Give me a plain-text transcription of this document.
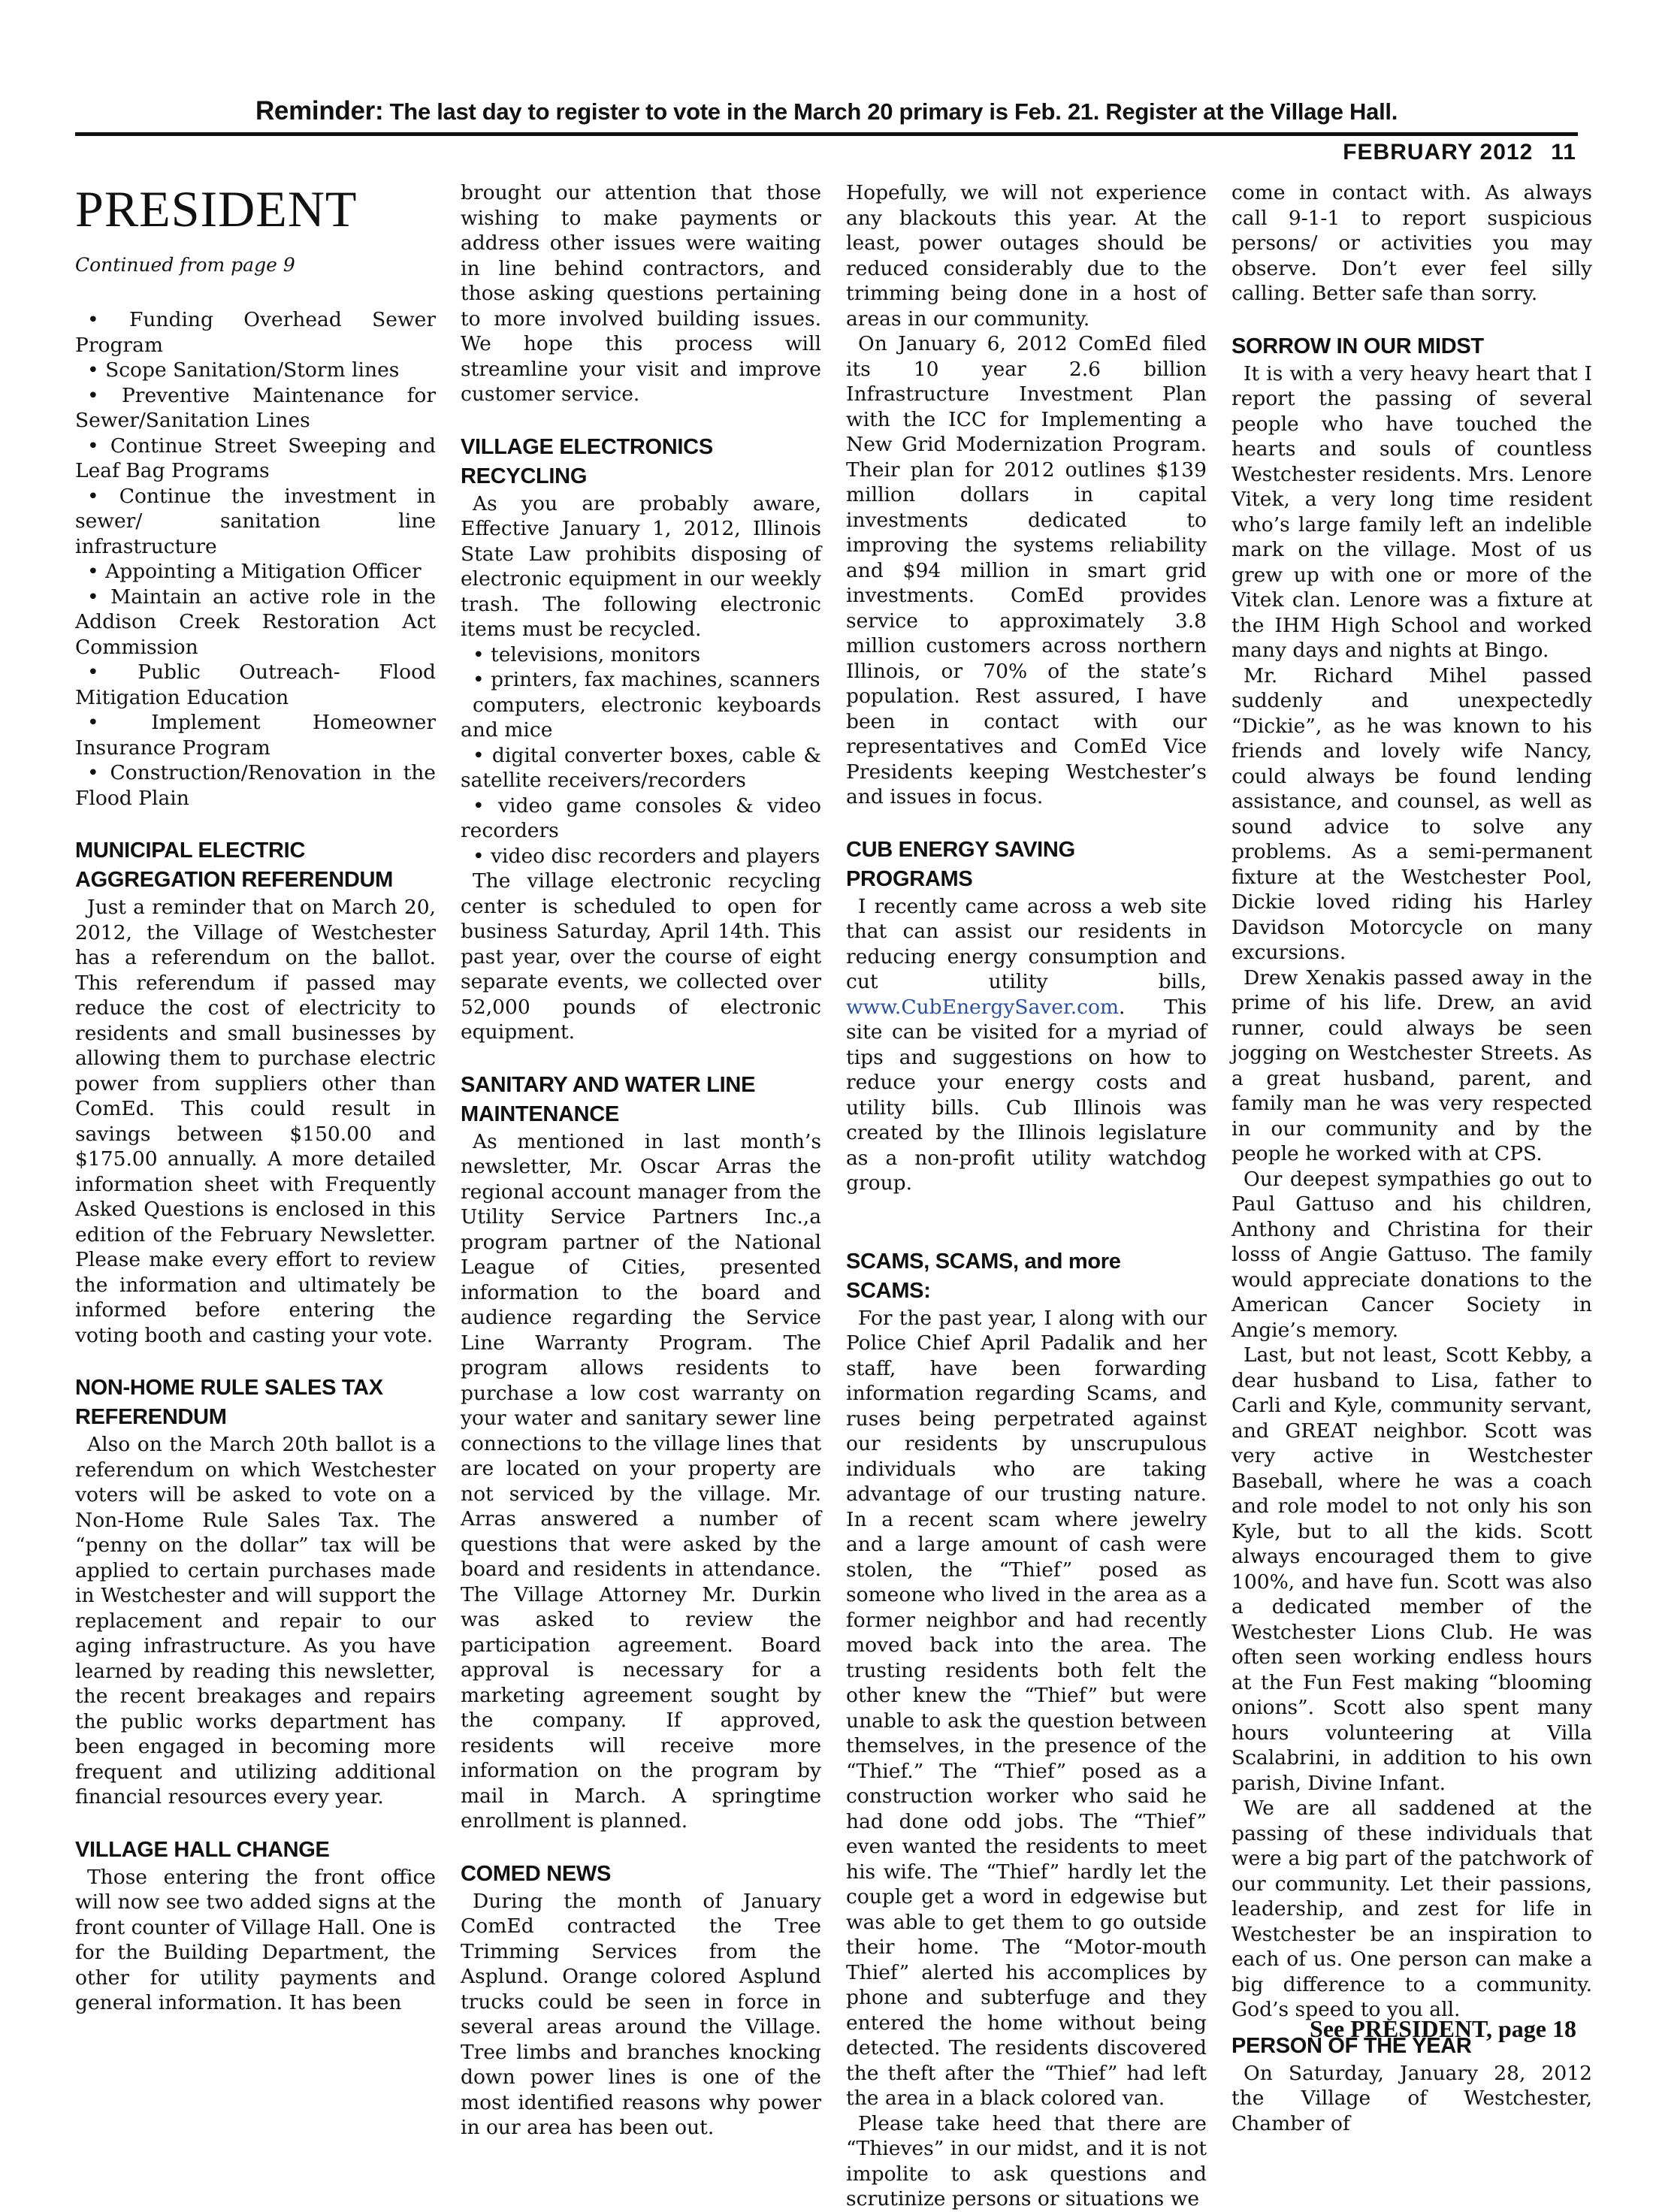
Reminder: The last day to register to vote in the March 20 primary is Feb. 21. Register at the Village Hall.
FEBRUARY 2012 11
PRESIDENT
Continued from page 9
• Funding Overhead Sewer Program
• Scope Sanitation/Storm lines
• Preventive Maintenance for Sewer/Sanitation Lines
• Continue Street Sweeping and Leaf Bag Programs
• Continue the investment in sewer/ sanitation line infrastructure
• Appointing a Mitigation Officer
• Maintain an active role in the Addison Creek Restoration Act Commission
• Public Outreach- Flood Mitigation Education
• Implement Homeowner Insurance Program
• Construction/Renovation in the Flood Plain
MUNICIPAL ELECTRIC AGGREGATION REFERENDUM

Just a reminder that on March 20, 2012, the Village of Westchester has a referendum on the ballot. This referendum if passed may reduce the cost of electricity to residents and small businesses by allowing them to purchase electric power from suppliers other than ComEd. This could result in savings between $150.00 and $175.00 annually. A more detailed information sheet with Frequently Asked Questions is enclosed in this edition of the February Newsletter. Please make every effort to review the information and ultimately be informed before entering the voting booth and casting your vote.

NON-HOME RULE SALES TAX REFERENDUM

Also on the March 20th ballot is a referendum on which Westchester voters will be asked to vote on a Non-Home Rule Sales Tax. The “penny on the dollar” tax will be applied to certain purchases made in Westchester and will support the replacement and repair to our aging infrastructure. As you have learned by reading this newsletter, the recent breakages and repairs the public works department has been engaged in becoming more frequent and utilizing additional financial resources every year.

VILLAGE HALL CHANGE

Those entering the front office will now see two added signs at the front counter of Village Hall. One is for the Building Department, the other for utility payments and general information. It has been

brought our attention that those wishing to make payments or address other issues were waiting in line behind contractors, and those asking questions pertaining to more involved building issues. We hope this process will streamline your visit and improve customer service.

VILLAGE ELECTRONICS RECYCLING

As you are probably aware, Effective January 1, 2012, Illinois State Law prohibits disposing of electronic equipment in our weekly trash. The following electronic items must be recycled.

• televisions, monitors
• printers, fax machines, scanners

computers, electronic keyboards and mice

• digital converter boxes, cable & satellite receivers/recorders
• video game consoles & video recorders
• video disc recorders and players

The village electronic recycling center is scheduled to open for business Saturday, April 14th. This past year, over the course of eight separate events, we collected over 52,000 pounds of electronic equipment.

SANITARY AND WATER LINE MAINTENANCE

As mentioned in last month’s newsletter, Mr. Oscar Arras the regional account manager from the Utility Service Partners Inc.,a program partner of the National League of Cities, presented information to the board and audience regarding the Service Line Warranty Program. The program allows residents to purchase a low cost warranty on your water and sanitary sewer line connections to the village lines that are located on your property are not serviced by the village. Mr. Arras answered a number of questions that were asked by the board and residents in attendance. The Village Attorney Mr. Durkin was asked to review the participation agreement. Board approval is necessary for a marketing agreement sought by the company. If approved, residents will receive more information on the program by mail in March. A springtime enrollment is planned.

COMED NEWS

During the month of January ComEd contracted the Tree Trimming Services from the Asplund. Orange colored Asplund trucks could be seen in force in several areas around the Village. Tree limbs and branches knocking down power lines is one of the most identified reasons why power in our area has been out.

Hopefully, we will not experience any blackouts this year. At the least, power outages should be reduced considerably due to the trimming being done in a host of areas in our community.

On January 6, 2012 ComEd filed its 10 year 2.6 billion Infrastructure Investment Plan with the ICC for Implementing a New Grid Modernization Program. Their plan for 2012 outlines $139 million dollars in capital investments dedicated to improving the systems reliability and $94 million in smart grid investments. ComEd provides service to approximately 3.8 million customers across northern Illinois, or 70% of the state’s population. Rest assured, I have been in contact with our representatives and ComEd Vice Presidents keeping Westchester’s and issues in focus.

CUB ENERGY SAVING PROGRAMS

I recently came across a web site that can assist our residents in reducing energy consumption and cut utility bills, www.CubEnergySaver.com. This site can be visited for a myriad of tips and suggestions on how to reduce your energy costs and utility bills. Cub Illinois was created by the Illinois legislature as a non-profit utility watchdog group.

SCAMS, SCAMS, and more SCAMS:

For the past year, I along with our Police Chief April Padalik and her staff, have been forwarding information regarding Scams, and ruses being perpetrated against our residents by unscrupulous individuals who are taking advantage of our trusting nature. In a recent scam where jewelry and a large amount of cash were stolen, the “Thief” posed as someone who lived in the area as a former neighbor and had recently moved back into the area. The trusting residents both felt the other knew the “Thief” but were unable to ask the question between themselves, in the presence of the “Thief.” The “Thief” posed as a construction worker who said he had done odd jobs. The “Thief” even wanted the residents to meet his wife. The “Thief” hardly let the couple get a word in edgewise but was able to get them to go outside their home. The “Motor-mouth Thief” alerted his accomplices by phone and subterfuge and they entered the home without being detected. The residents discovered the theft after the “Thief” had left the area in a black colored van.

Please take heed that there are “Thieves” in our midst, and it is not impolite to ask questions and scrutinize persons or situations we

come in contact with. As always call 9-1-1 to report suspicious persons/ or activities you may observe. Don’t ever feel silly calling. Better safe than sorry.

SORROW IN OUR MIDST

It is with a very heavy heart that I report the passing of several people who have touched the hearts and souls of countless Westchester residents. Mrs. Lenore Vitek, a very long time resident who’s large family left an indelible mark on the village. Most of us grew up with one or more of the Vitek clan. Lenore was a fixture at the IHM High School and worked many days and nights at Bingo.

Mr. Richard Mihel passed suddenly and unexpectedly “Dickie”, as he was known to his friends and lovely wife Nancy, could always be found lending assistance, and counsel, as well as sound advice to solve any problems. As a semi-permanent fixture at the Westchester Pool, Dickie loved riding his Harley Davidson Motorcycle on many excursions.

Drew Xenakis passed away in the prime of his life. Drew, an avid runner, could always be seen jogging on Westchester Streets. As a great husband, parent, and family man he was very respected in our community and by the people he worked with at CPS.

Our deepest sympathies go out to Paul Gattuso and his children, Anthony and Christina for their losss of Angie Gattuso. The family would appreciate donations to the American Cancer Society in Angie’s memory.

Last, but not least, Scott Kebby, a dear husband to Lisa, father to Carli and Kyle, community servant, and GREAT neighbor. Scott was very active in Westchester Baseball, where he was a coach and role model to not only his son Kyle, but to all the kids. Scott always encouraged them to give 100%, and have fun. Scott was also a dedicated member of the Westchester Lions Club. He was often seen working endless hours at the Fun Fest making “blooming onions”. Scott also spent many hours volunteering at Villa Scalabrini, in addition to his own parish, Divine Infant.

We are all saddened at the passing of these individuals that were a big part of the patchwork of our community. Let their passions, leadership, and zest for life in Westchester be an inspiration to each of us. One person can make a big difference to a community. God’s speed to you all.

PERSON OF THE YEAR

On Saturday, January 28, 2012 the Village of Westchester, Chamber of

See PRESIDENT, page 18
